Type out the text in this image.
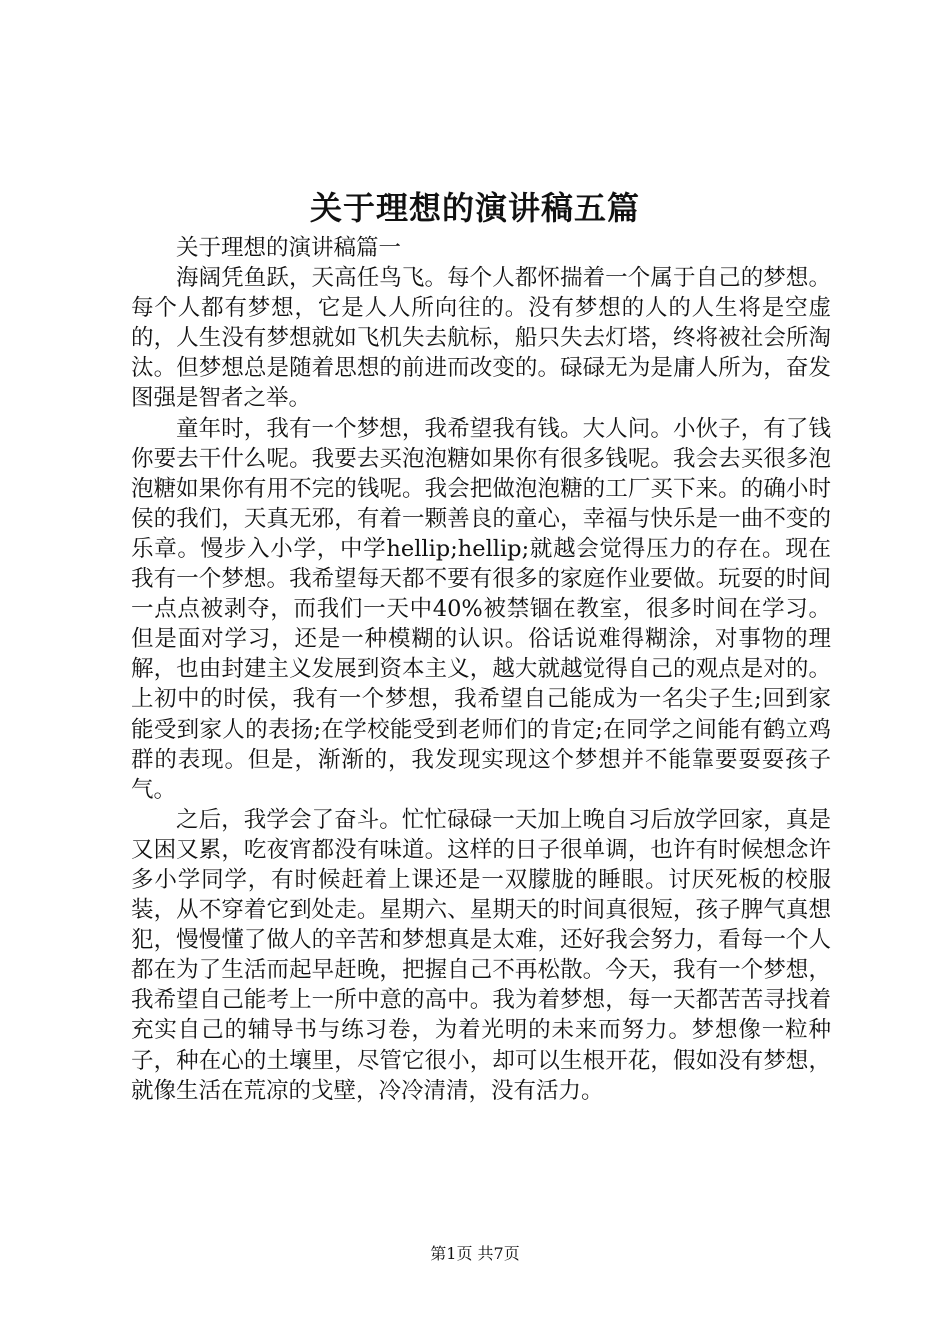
关于理想的演讲稿五篇

关于理想的演讲稿篇一

海阔凭鱼跃，天高任鸟飞。每个人都怀揣着一个属于自己的梦想。每个人都有梦想，它是人人所向往的。没有梦想的人的人生将是空虚的，人生没有梦想就如飞机失去航标，船只失去灯塔，终将被社会所淘汰。但梦想总是随着思想的前进而改变的。碌碌无为是庸人所为，奋发图强是智者之举。

童年时，我有一个梦想，我希望我有钱。大人问。小伙子，有了钱你要去干什么呢。我要去买泡泡糖如果你有很多钱呢。我会去买很多泡泡糖如果你有用不完的钱呢。我会把做泡泡糖的工厂买下来。的确小时侯的我们，天真无邪，有着一颗善良的童心，幸福与快乐是一曲不变的乐章。慢步入小学，中学hellip;hellip;就越会觉得压力的存在。现在我有一个梦想。我希望每天都不要有很多的家庭作业要做。玩耍的时间一点点被剥夺，而我们一天中40%被禁锢在教室，很多时间在学习。但是面对学习，还是一种模糊的认识。俗话说难得糊涂，对事物的理解，也由封建主义发展到资本主义，越大就越觉得自己的观点是对的。上初中的时侯，我有一个梦想，我希望自己能成为一名尖子生;回到家能受到家人的表扬;在学校能受到老师们的肯定;在同学之间能有鹤立鸡群的表现。但是，渐渐的，我发现实现这个梦想并不能靠要耍耍孩子气。

之后，我学会了奋斗。忙忙碌碌一天加上晚自习后放学回家，真是又困又累，吃夜宵都没有味道。这样的日子很单调，也许有时候想念许多小学同学，有时候赶着上课还是一双朦胧的睡眼。讨厌死板的校服装，从不穿着它到处走。星期六、星期天的时间真很短，孩子脾气真想犯，慢慢懂了做人的辛苦和梦想真是太难，还好我会努力，看每一个人都在为了生活而起早赶晚，把握自己不再松散。今天，我有一个梦想，我希望自己能考上一所中意的高中。我为着梦想，每一天都苦苦寻找着充实自己的辅导书与练习卷，为着光明的未来而努力。梦想像一粒种子，种在心的土壤里，尽管它很小，却可以生根开花，假如没有梦想，就像生活在荒凉的戈壁，冷冷清清，没有活力。

第1页 共7页
